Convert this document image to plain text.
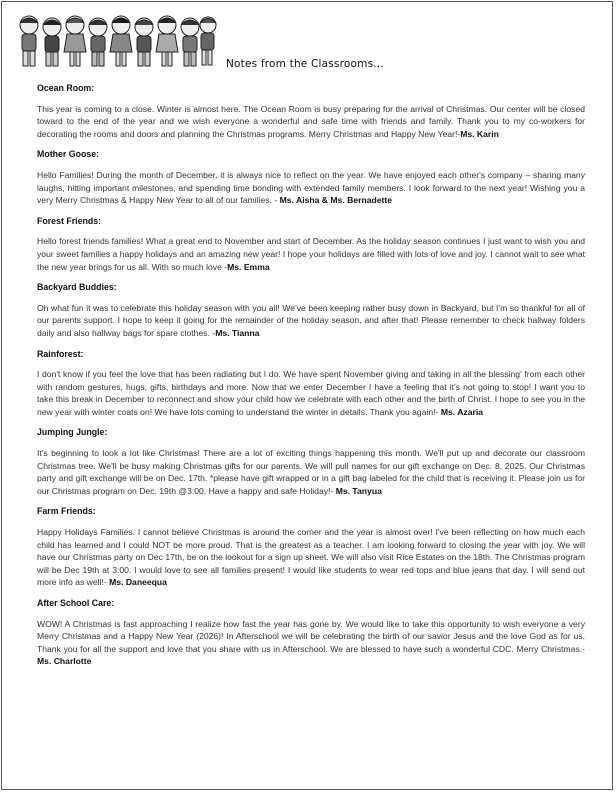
Notes from the Classrooms...
Ocean Room:

This year is coming to a close. Winter is almost here. The Ocean Room is busy preparing for the arrival of Christmas. Our center will be closed toward to the end of the year and we wish everyone a wonderful and safe time with friends and family. Thank you to my co-workers for decorating the rooms and doors and planning the Christmas programs. Merry Christmas and Happy New Year!-Ms. Karin

Mother Goose:

Hello Families! During the month of December, it is always nice to reflect on the year. We have enjoyed each other's company – sharing many laughs, hitting important milestones, and spending time bonding with extended family members. I look forward to the next year! Wishing you a very Merry Christmas & Happy New Year to all of our families. - Ms. Aisha & Ms. Bernadette

Forest Friends:

Hello forest friends families! What a great end to November and start of December. As the holiday season continues I just want to wish you and your sweet families a happy holidays and an amazing new year! I hope your holidays are filled with lots of love and joy. I cannot wait to see what the new year brings for us all. With so much love -Ms. Emma

Backyard Buddies:

Oh what fun it was to celebrate this holiday season with you all! We've been keeping rather busy down in Backyard, but I'm so thankful for all of our parents support. I hope to keep it going for the remainder of the holiday season, and after that! Please remember to check hallway folders daily and also hallway bags for spare clothes. -Ms. Tianna

Rainforest:

I don't know if you feel the love that has been radiating but I do. We have spent November giving and taking in all the blessing' from each other with random gestures, hugs, gifts, birthdays and more. Now that we enter December I have a feeling that it's not going to stop! I want you to take this break in December to reconnect and show your child how we celebrate with each other and the birth of Christ. I hope to see you in the new year with winter coats on! We have lots coming to understand the winter in details. Thank you again!- Ms. Azaria

Jumping Jungle:

It's beginning to look a lot like Christmas! There are a lot of exciting things happening this month. We'll put up and decorate our classroom Christmas tree. We'll be busy making Christmas gifts for our parents. We will pull names for our gift exchange on Dec. 8, 2025. Our Christmas party and gift exchange will be on Dec. 17th. *please have gift wrapped or in a gift bag labeled for the child that is receiving it. Please join us for our Christmas program on Dec. 19th @3:00. Have a happy and safe Holiday!- Ms. Tanyua

Farm Friends:

Happy Holidays Families. I cannot believe Christmas is around the corner and the year is almost over! I've been reflecting on how much each child has learned and I could NOT be more proud. That is the greatest as a teacher. I am looking forward to closing the year with joy. We will have our Christmas party on Dec 17th, be on the lookout for a sign up sheet. We will also visit Rice Estates on the 18th. The Christmas program will be Dec 19th at 3:00. I would love to see all families present! I would like students to wear red tops and blue jeans that day. I will send out more info as well!- Ms. Daneequa

After School Care:

WOW! A Christmas is fast approaching I realize how fast the year has gone by. We would like to take this opportunity to wish everyone a very Merry Christmas and a Happy New Year (2026)! In Afterschool we will be celebrating the birth of our savior Jesus and the love God as for us. Thank you for all the support and love that you share with us in Afterschool. We are blessed to have such a wonderful CDC. Merry Christmas.-Ms. Charlotte
